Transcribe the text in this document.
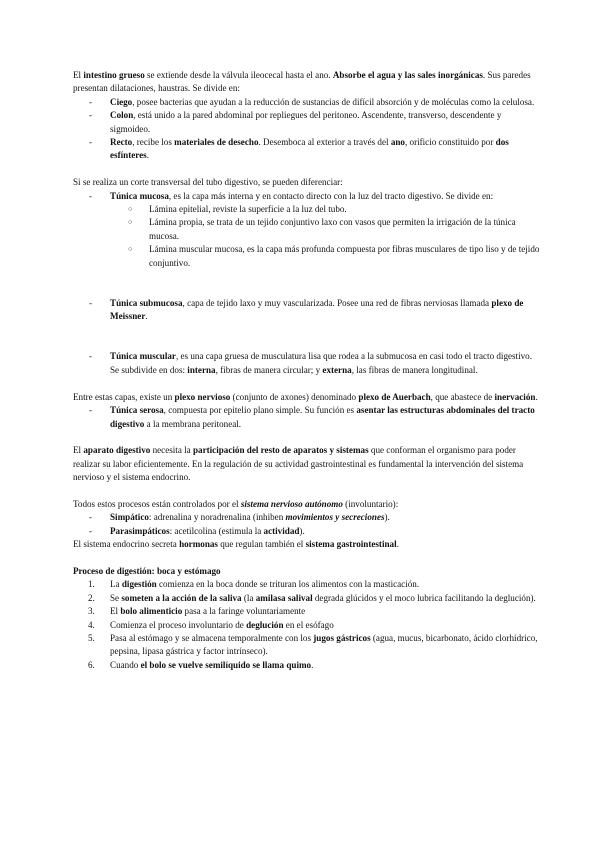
El intestino grueso se extiende desde la válvula ileocecal hasta el ano. Absorbe el agua y las sales inorgánicas. Sus paredes presentan dilataciones, haustras. Se divide en:

- Ciego, posee bacterias que ayudan a la reducción de sustancias de difícil absorción y de moléculas como la celulosa.
- Colon, está unido a la pared abdominal por repliegues del peritoneo. Ascendente, transverso, descendente y sigmoideo.
- Recto, recibe los materiales de desecho. Desemboca al exterior a través del ano, orificio constituido por dos esfínteres.

Si se realiza un corte transversal del tubo digestivo, se pueden diferenciar:

- Túnica mucosa, es la capa más interna y en contacto directo con la luz del tracto digestivo. Se divide en:
○ Lámina epitelial, reviste la superficie a la luz del tubo.
○ Lámina propia, se trata de un tejido conjuntivo laxo con vasos que permiten la irrigación de la túnica mucosa.
○ Lámina muscular mucosa, es la capa más profunda compuesta por fibras musculares de tipo liso y de tejido conjuntivo.
- Túnica submucosa, capa de tejido laxo y muy vascularizada. Posee una red de fibras nerviosas llamada plexo de Meissner.
- Túnica muscular, es una capa gruesa de musculatura lisa que rodea a la submucosa en casi todo el tracto digestivo. Se subdivide en dos: interna, fibras de manera circular; y externa, las fibras de manera longitudinal.

Entre estas capas, existe un plexo nervioso (conjunto de axones) denominado plexo de Auerbach, que abastece de inervación.

- Túnica serosa, compuesta por epitelio plano simple. Su función es asentar las estructuras abdominales del tracto digestivo a la membrana peritoneal.

El aparato digestivo necesita la participación del resto de aparatos y sistemas que conforman el organismo para poder realizar su labor eficientemente. En la regulación de su actividad gastrointestinal es fundamental la intervención del sistema nervioso y el sistema endocrino.

Todos estos procesos están controlados por el sistema nervioso autónomo (involuntario):

- Simpático: adrenalina y noradrenalina (inhiben movimientos y secreciones).
- Parasimpáticos: acetilcolina (estimula la actividad).

El sistema endocrino secreta hormonas que regulan también el sistema gastrointestinal.

Proceso de digestión: boca y estómago

1. La digestión comienza en la boca donde se trituran los alimentos con la masticación.
2. Se someten a la acción de la saliva (la amilasa salival degrada glúcidos y el moco lubrica facilitando la deglución).
3. El bolo alimenticio pasa a la faringe voluntariamente
4. Comienza el proceso involuntario de deglución en el esófago
5. Pasa al estómago y se almacena temporalmente con los jugos gástricos (agua, mucus, bicarbonato, ácido clorhídrico, pepsina, lipasa gástrica y factor intrínseco).
6. Cuando el bolo se vuelve semilíquido se llama quimo.
